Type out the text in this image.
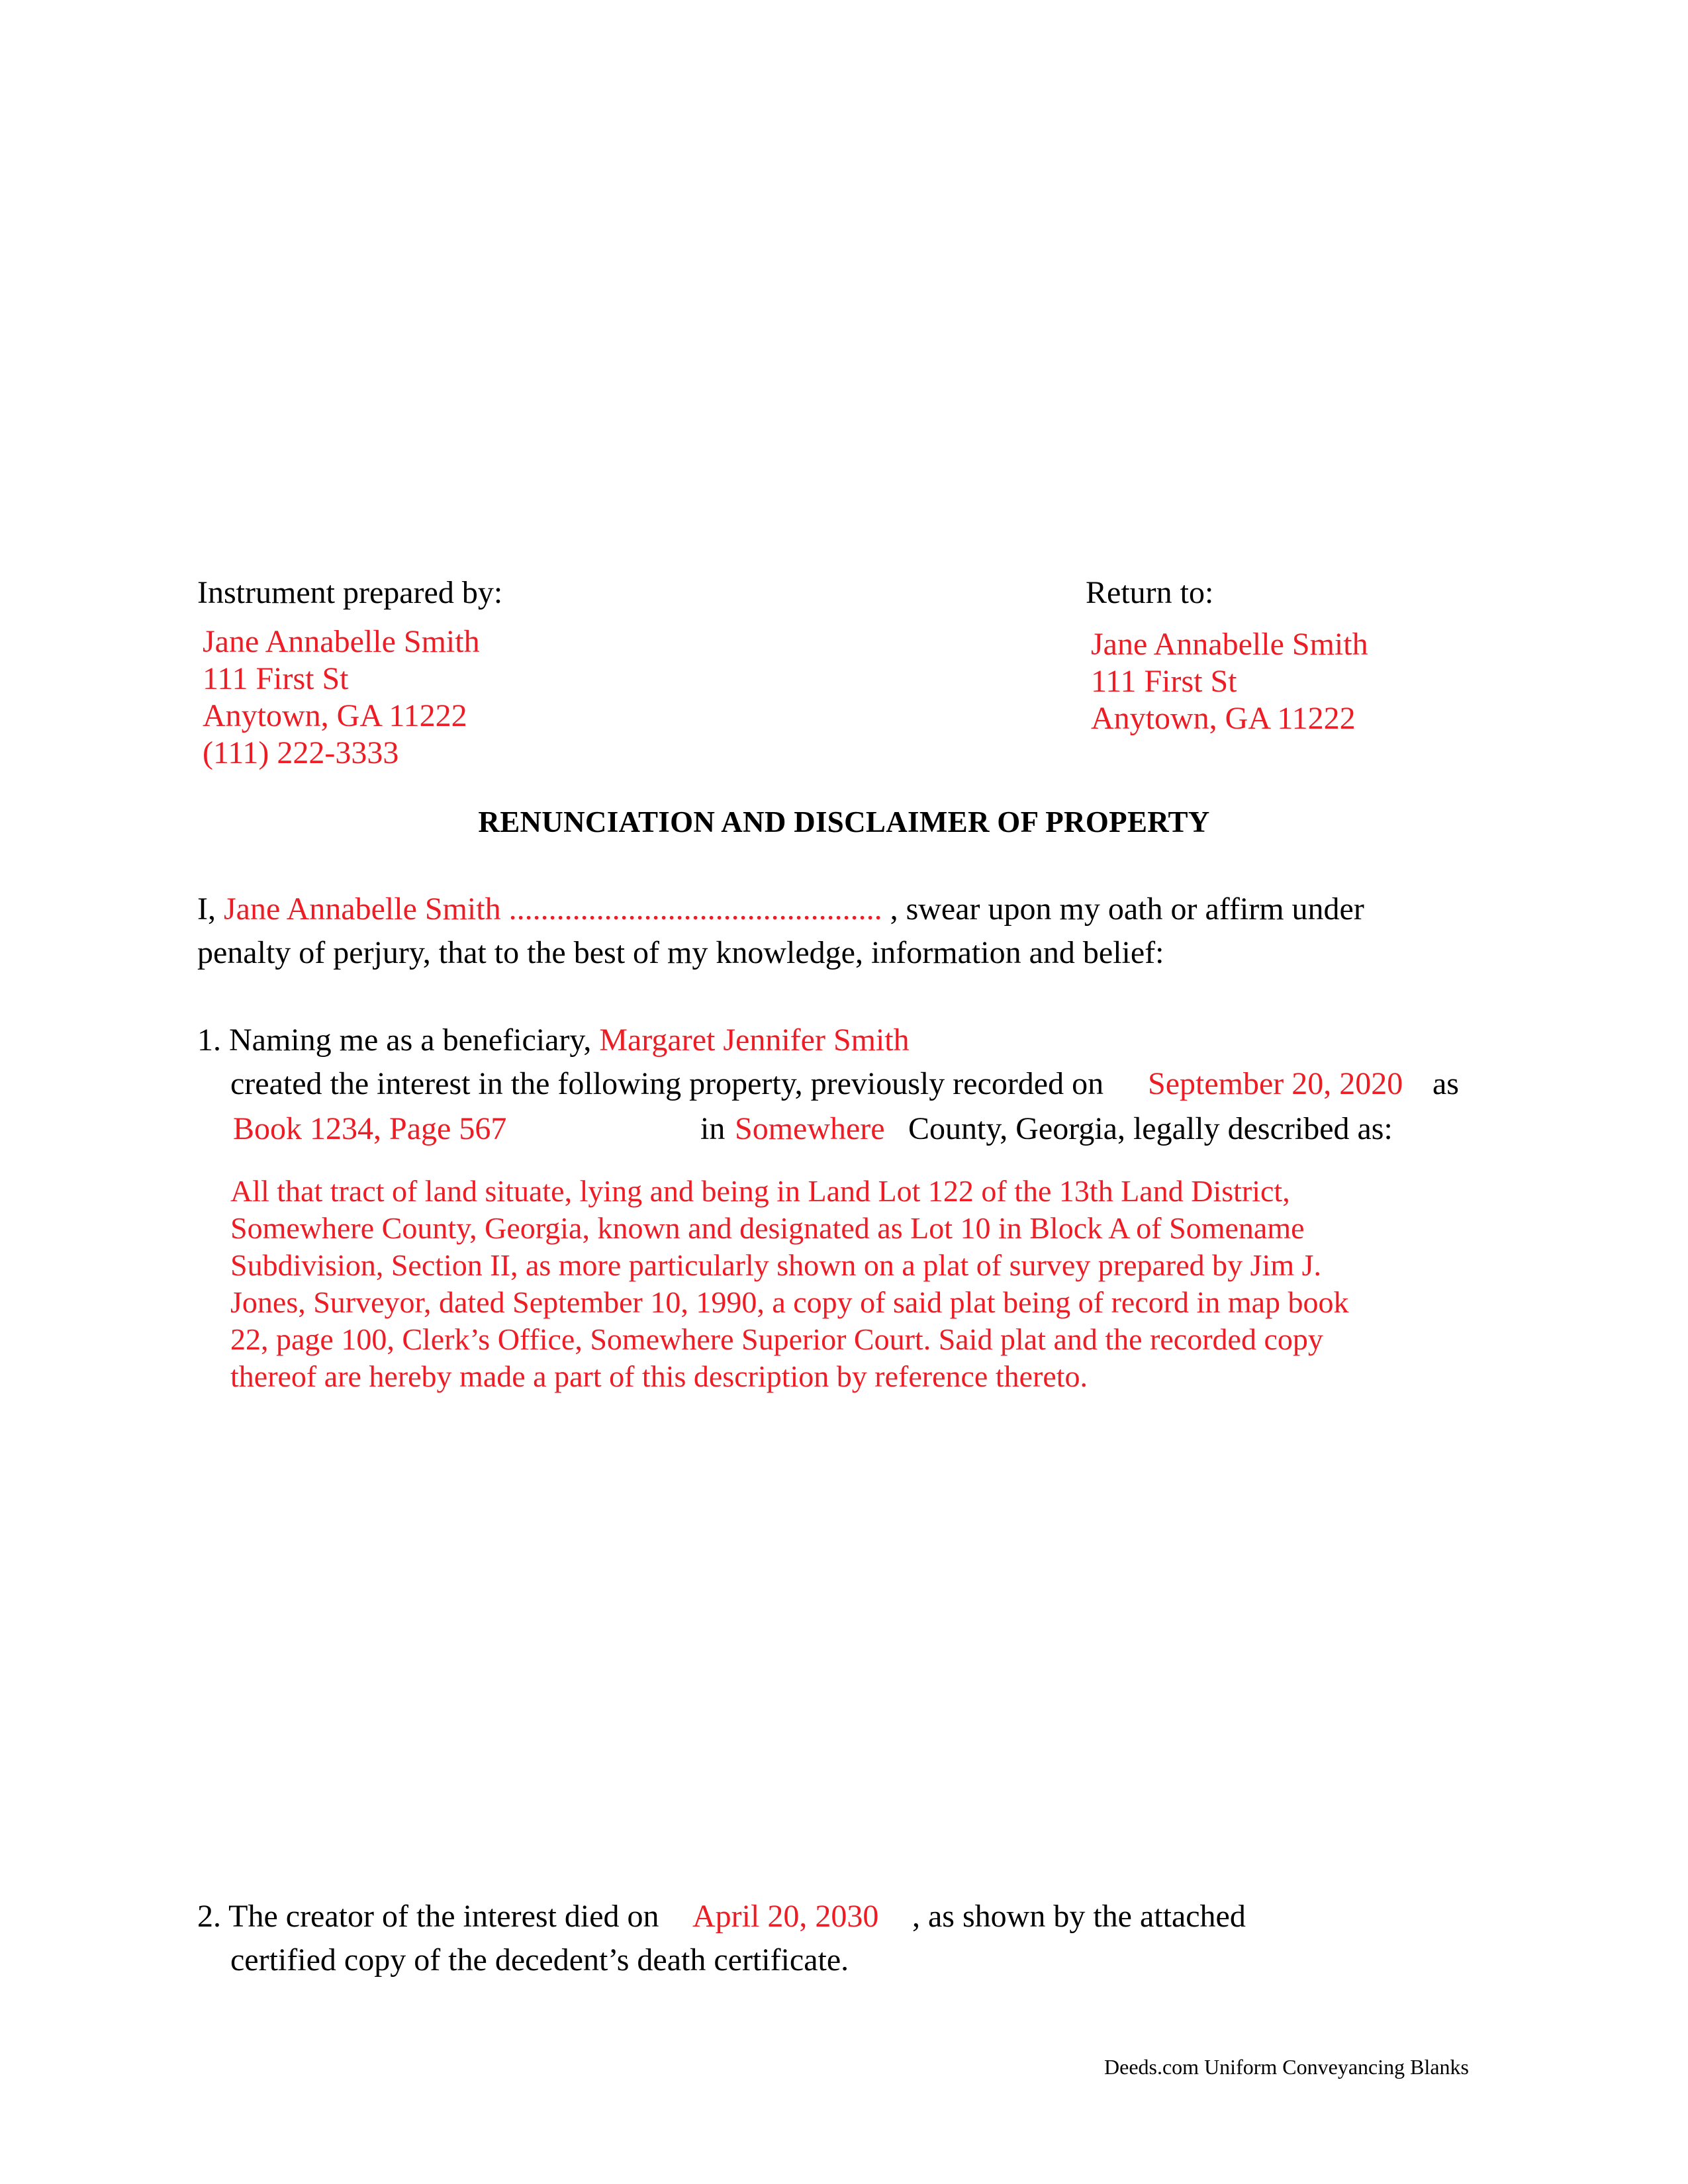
Instrument prepared by:
Jane Annabelle Smith
111 First St
Anytown, GA 11222
(111) 222-3333
Return to:
Jane Annabelle Smith
111 First St
Anytown, GA 11222
RENUNCIATION AND DISCLAIMER OF PROPERTY
I, Jane Annabelle Smith ............................................... , swear upon my oath or affirm under
penalty of perjury, that to the best of my knowledge, information and belief:
1. Naming me as a beneficiary, Margaret Jennifer Smith
created the interest in the following property, previously recorded on September 20, 2020 as
Book 1234, Page 567	in Somewhere County, Georgia, legally described as:
All that tract of land situate, lying and being in Land Lot 122 of the 13th Land District,
Somewhere County, Georgia, known and designated as Lot 10 in Block A of Somename
Subdivision, Section II, as more particularly shown on a plat of survey prepared by Jim J.
Jones, Surveyor, dated September 10, 1990, a copy of said plat being of record in map book
22, page 100, Clerk’s Office, Somewhere Superior Court. Said plat and the recorded copy
thereof are hereby made a part of this description by reference thereto.
2. The creator of the interest died on April 20, 2030 , as shown by the attached
certified copy of the decedent’s death certificate.
Deeds.com Uniform Conveyancing Blanks
